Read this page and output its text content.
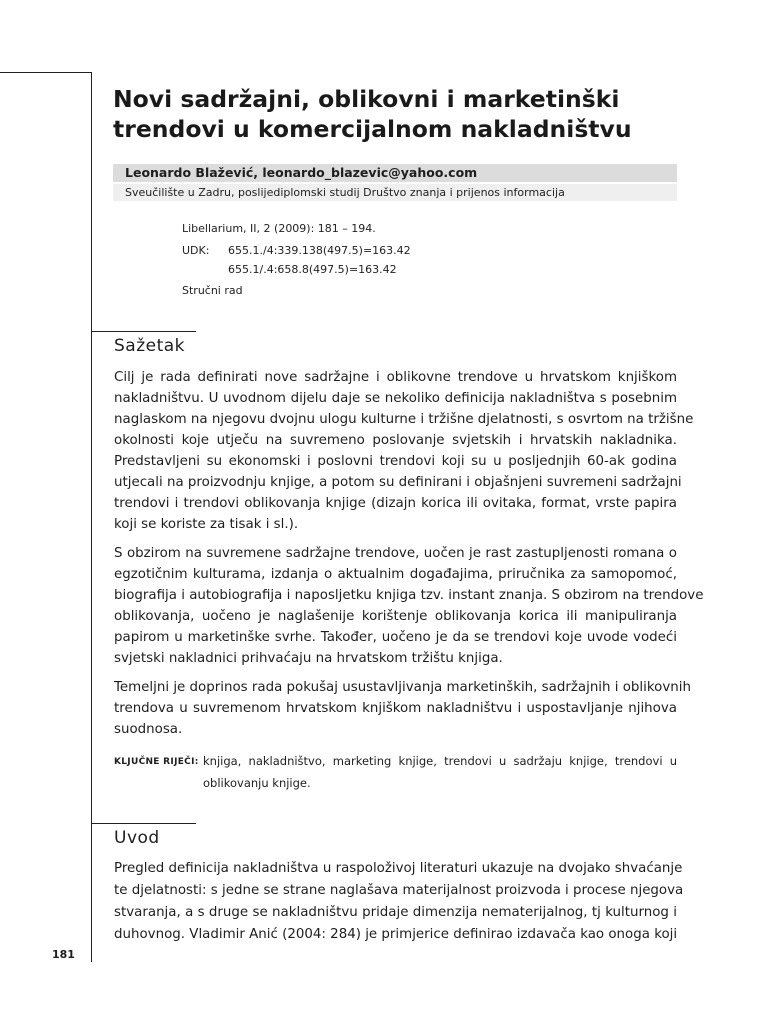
Novi sadržajni, oblikovni i marketinški
trendovi u komercijalnom nakladništvu
Leonardo Blažević, leonardo_blazevic@yahoo.com
Sveučilište u Zadru, poslijediplomski studij Društvo znanja i prijenos informacija
Libellarium, II, 2 (2009): 181 – 194.
UDK: 655.1./4:339.138(497.5)=163.42
655.1/.4:658.8(497.5)=163.42
Stručni rad
Sažetak
Cilj je rada definirati nove sadržajne i oblikovne trendove u hrvatskom knjiškom
nakladništvu. U uvodnom dijelu daje se nekoliko definicija nakladništva s posebnim
naglaskom na njegovu dvojnu ulogu kulturne i tržišne djelatnosti, s osvrtom na tržišne
okolnosti koje utječu na suvremeno poslovanje svjetskih i hrvatskih nakladnika.
Predstavljeni su ekonomski i poslovni trendovi koji su u posljednjih 60-ak godina
utjecali na proizvodnju knjige, a potom su definirani i objašnjeni suvremeni sadržajni
trendovi i trendovi oblikovanja knjige (dizajn korica ili ovitaka, format, vrste papira
koji se koriste za tisak i sl.).
S obzirom na suvremene sadržajne trendove, uočen je rast zastupljenosti romana o
egzotičnim kulturama, izdanja o aktualnim događajima, priručnika za samopomoć,
biografija i autobiografija i naposljetku knjiga tzv. instant znanja. S obzirom na trendove
oblikovanja, uočeno je naglašenije korištenje oblikovanja korica ili manipuliranja
papirom u marketinške svrhe. Također, uočeno je da se trendovi koje uvode vodeći
svjetski nakladnici prihvaćaju na hrvatskom tržištu knjiga.
Temeljni je doprinos rada pokušaj usustavljivanja marketinških, sadržajnih i oblikovnih
trendova u suvremenom hrvatskom knjiškom nakladništvu i uspostavljanje njihova
suodnosa.
KLJUČNE RIJEČI: knjiga, nakladništvo, marketing knjige, trendovi u sadržaju knjige, trendovi u
oblikovanju knjige.
Uvod
Pregled definicija nakladništva u raspoloživoj literaturi ukazuje na dvojako shvaćanje
te djelatnosti: s jedne se strane naglašava materijalnost proizvoda i procese njegova
stvaranja, a s druge se nakladništvu pridaje dimenzija nematerijalnog, tj kulturnog i
duhovnog. Vladimir Anić (2004: 284) je primjerice definirao izdavača kao onoga koji
181
